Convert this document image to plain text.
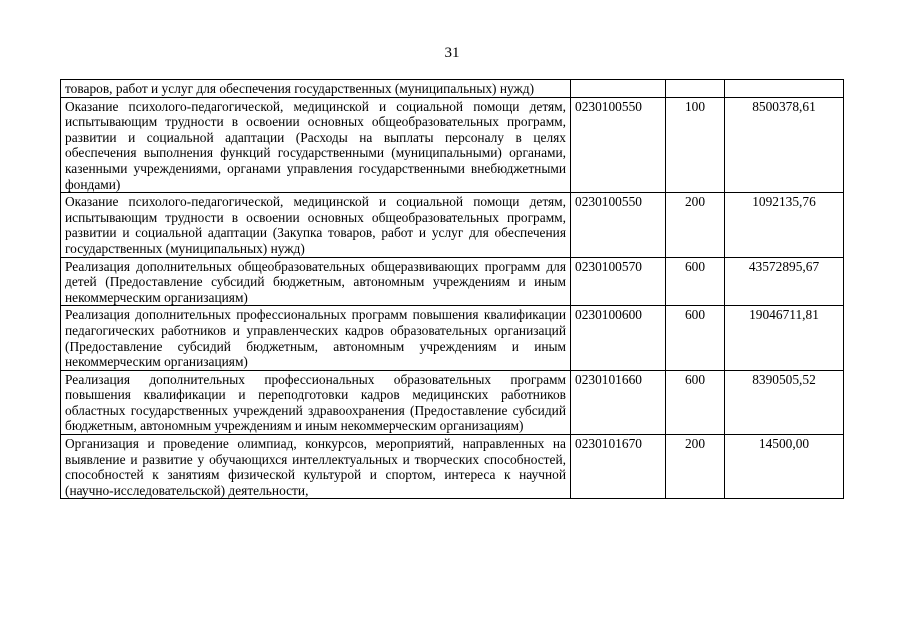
31
товаров, работ и услуг для обеспечения государственных (муниципальных) нужд)			
Оказание психолого-педагогической, медицинской и социальной помощи детям, испытывающим трудности в освоении основных общеобразовательных программ, развитии и социальной адаптации (Расходы на выплаты персоналу в целях обеспечения выполнения функций государственными (муниципальными) органами, казенными учреждениями, органами управления государственными внебюджетными фондами)	0230100550	100	8500378,61
Оказание психолого-педагогической, медицинской и социальной помощи детям, испытывающим трудности в освоении основных общеобразовательных программ, развитии и социальной адаптации (Закупка товаров, работ и услуг для обеспечения государственных (муниципальных) нужд)	0230100550	200	1092135,76
Реализация дополнительных общеобразовательных общеразвивающих программ для детей (Предоставление субсидий бюджетным, автономным учреждениям и иным некоммерческим организациям)	0230100570	600	43572895,67
Реализация дополнительных профессиональных программ повышения квалификации педагогических работников и управленческих кадров образовательных организаций (Предоставление субсидий бюджетным, автономным учреждениям и иным некоммерческим организациям)	0230100600	600	19046711,81
Реализация дополнительных профессиональных образовательных программ повышения квалификации и переподготовки кадров медицинских работников областных государственных учреждений здравоохранения (Предоставление субсидий бюджетным, автономным учреждениям и иным некоммерческим организациям)	0230101660	600	8390505,52
Организация и проведение олимпиад, конкурсов, мероприятий, направленных на выявление и развитие у обучающихся интеллектуальных и творческих способностей, способностей к занятиям физической культурой и спортом, интереса к научной (научно-исследовательской) деятельности,	0230101670	200	14500,00
